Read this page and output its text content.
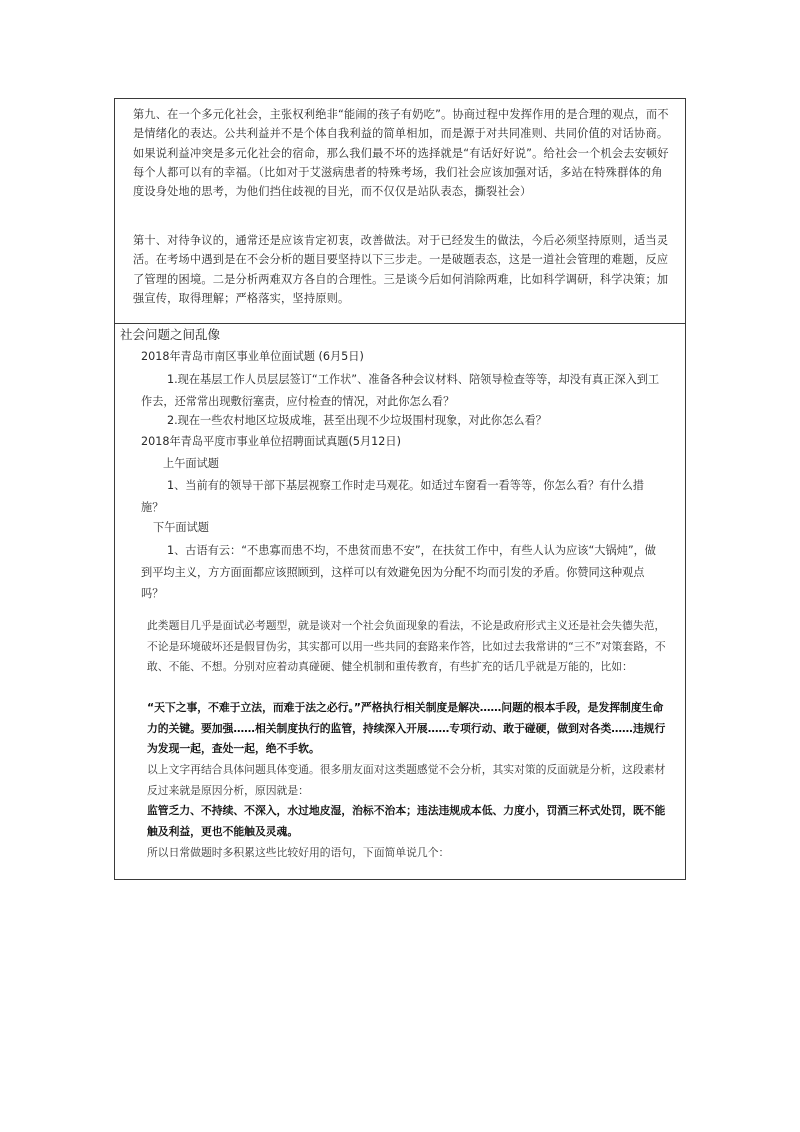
第九、在一个多元化社会，主张权利绝非“能闹的孩子有奶吃”。协商过程中发挥作用的是合理的观点，而不是情绪化的表达。公共利益并不是个体自我利益的简单相加，而是源于对共同准则、共同价值的对话协商。如果说利益冲突是多元化社会的宿命，那么我们最不坏的选择就是“有话好好说”。给社会一个机会去安顿好每个人都可以有的幸福。（比如对于艾滋病患者的特殊考场，我们社会应该加强对话，多站在特殊群体的角度设身处地的思考，为他们挡住歧视的目光，而不仅仅是站队表态，撕裂社会）

第十、对待争议的，通常还是应该肯定初衷，改善做法。对于已经发生的做法，今后必须坚持原则，适当灵活。在考场中遇到是在不会分析的题目要坚持以下三步走。一是破题表态，这是一道社会管理的难题，反应了管理的困境。二是分析两难双方各自的合理性。三是谈今后如何消除两难，比如科学调研，科学决策；加强宣传，取得理解；严格落实，坚持原则。

社会问题之间乱像
2018年青岛市南区事业单位面试题 (6月5日)
1.现在基层工作人员层层签订“工作状”、准备各种会议材料、陪领导检查等等，却没有真正深入到工作去，还常常出现敷衍塞责，应付检查的情况，对此你怎么看？
2.现在一些农村地区垃圾成堆，甚至出现不少垃圾围村现象，对此你怎么看？
2018年青岛平度市事业单位招聘面试真题(5月12日)
上午面试题
1、当前有的领导干部下基层视察工作时走马观花。如适过车窗看一看等等，你怎么看？有什么措施？
下午面试题
1、古语有云：“不患寡而患不均，不患贫而患不安”，在扶贫工作中，有些人认为应该“大锅炖”，做到平均主义，方方面面都应该照顾到，这样可以有效避免因为分配不均而引发的矛盾。你赞同这种观点吗？

此类题目几乎是面试必考题型，就是谈对一个社会负面现象的看法，不论是政府形式主义还是社会失德失范，不论是环境破坏还是假冒伪劣，其实都可以用一些共同的套路来作答，比如过去我常讲的“三不”对策套路，不敢、不能、不想。分别对应着动真碰硬、健全机制和重传教育，有些扩充的话几乎就是万能的，比如：

“天下之事，不难于立法，而难于法之必行。”严格执行相关制度是解决……问题的根本手段，是发挥制度生命力的关键。要加强……相关制度执行的监管，持续深入开展……专项行动、敢于碰硬，做到对各类……违规行为发现一起，查处一起，绝不手软。

以上文字再结合具体问题具体变通。很多朋友面对这类题感觉不会分析，其实对策的反面就是分析，这段素材反过来就是原因分析，原因就是：

监管乏力、不持续、不深入，水过地皮湿，治标不治本；违法违规成本低、力度小，罚酒三杯式处罚，既不能触及利益，更也不能触及灵魂。

所以日常做题时多积累这些比较好用的语句，下面简单说几个：
